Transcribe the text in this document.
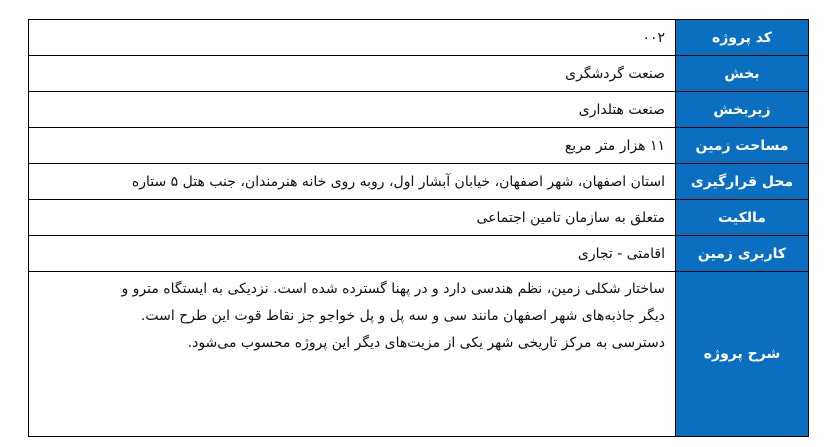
کد پروژه	۰۰۲
بخش	صنعت گردشگری
زیربخش	صنعت هتلداری
مساحت زمین	۱۱ هزار متر مربع
محل قرارگیری	استان اصفهان، شهر اصفهان، خیابان آبشار اول، روبه روی خانه هنرمندان، جنب هتل ۵ ستاره
مالکیت	متعلق به سازمان تامین اجتماعی
کاربری زمین	اقامتی - تجاری
شرح پروژه	ساختار شکلی زمین، نظم هندسی دارد و در پهنا گسترده شده است. نزدیکی به ایستگاه مترو و

دیگر جاذبه‌های شهر اصفهان مانند سی و سه پل و پل خواجو جز نقاط قوت این طرح است.

دسترسی به مرکز تاریخی شهر یکی از مزیت‌های دیگر این پروژه محسوب می‌شود.
